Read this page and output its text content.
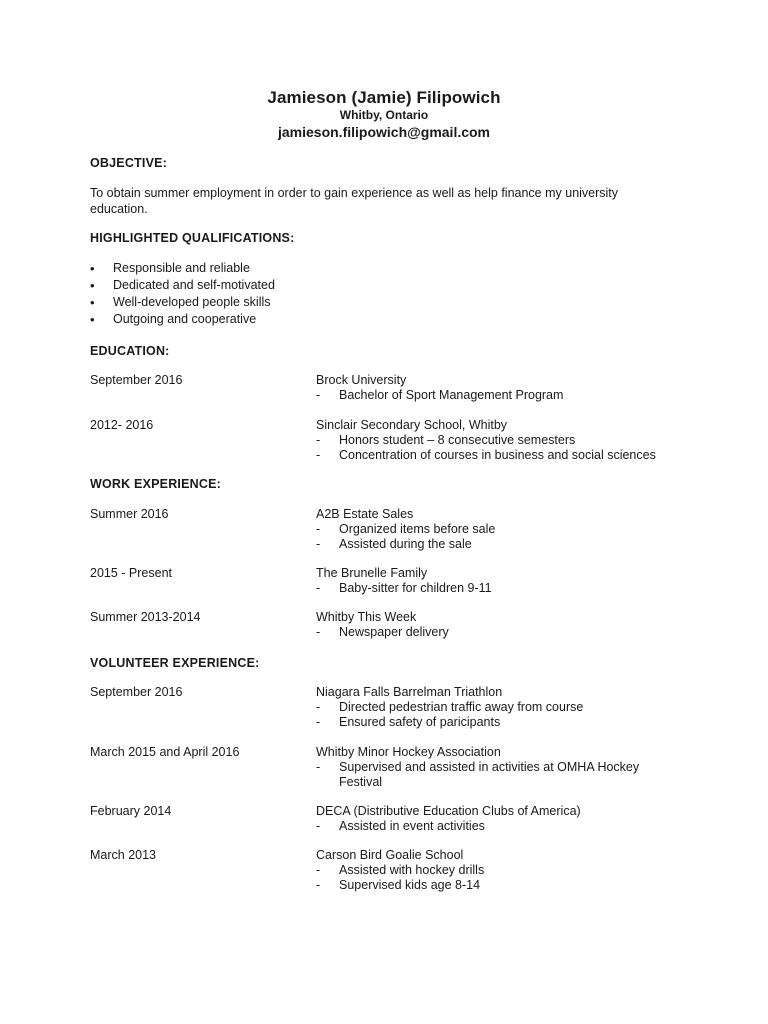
Jamieson (Jamie) Filipowich
Whitby, Ontario
jamieson.filipowich@gmail.com
OBJECTIVE:
To obtain summer employment in order to gain experience as well as help finance my university education.
HIGHLIGHTED QUALIFICATIONS:
• Responsible and reliable
• Dedicated and self-motivated
• Well-developed people skills
• Outgoing and cooperative
EDUCATION:
September 2016	Brock University
- Bachelor of Sport Management Program
2012- 2016	Sinclair Secondary School, Whitby
- Honors student – 8 consecutive semesters
- Concentration of courses in business and social sciences
WORK EXPERIENCE:
Summer 2016	A2B Estate Sales
- Organized items before sale
- Assisted during the sale
2015 - Present	The Brunelle Family
- Baby-sitter for children 9-11
Summer 2013-2014	Whitby This Week
- Newspaper delivery
VOLUNTEER EXPERIENCE:
September 2016	Niagara Falls Barrelman Triathlon
- Directed pedestrian traffic away from course
- Ensured safety of paricipants
March 2015 and April 2016	Whitby Minor Hockey Association
- Supervised and assisted in activities at OMHA Hockey Festival
February 2014	DECA (Distributive Education Clubs of America)
- Assisted in event activities
March 2013	Carson Bird Goalie School
- Assisted with hockey drills
- Supervised kids age 8-14
